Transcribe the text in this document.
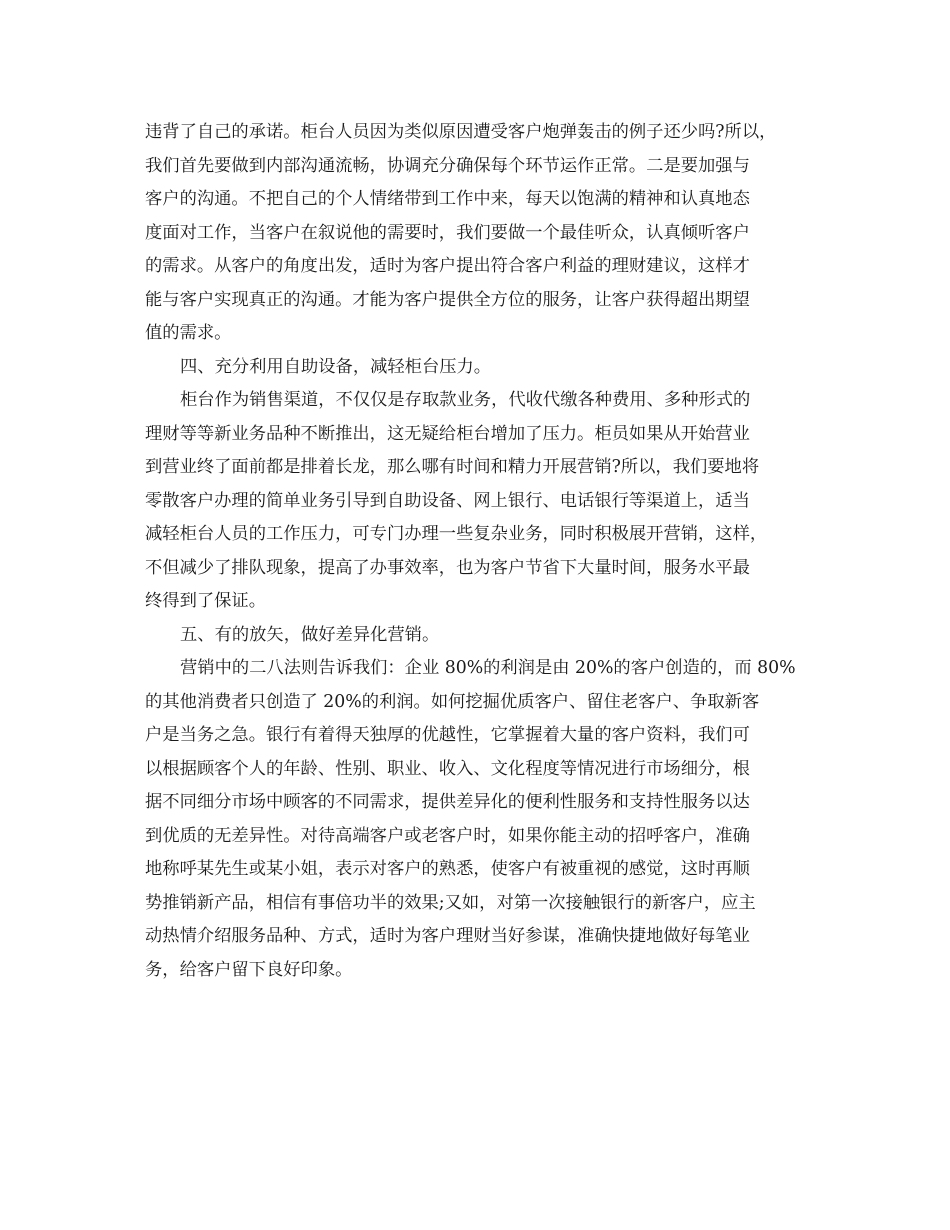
违背了自己的承诺。柜台人员因为类似原因遭受客户炮弹轰击的例子还少吗?所以，
我们首先要做到内部沟通流畅，协调充分确保每个环节运作正常。二是要加强与
客户的沟通。不把自己的个人情绪带到工作中来，每天以饱满的精神和认真地态
度面对工作，当客户在叙说他的需要时，我们要做一个最佳听众，认真倾听客户
的需求。从客户的角度出发，适时为客户提出符合客户利益的理财建议，这样才
能与客户实现真正的沟通。才能为客户提供全方位的服务，让客户获得超出期望
值的需求。
四、充分利用自助设备，减轻柜台压力。
柜台作为销售渠道，不仅仅是存取款业务，代收代缴各种费用、多种形式的
理财等等新业务品种不断推出，这无疑给柜台增加了压力。柜员如果从开始营业
到营业终了面前都是排着长龙，那么哪有时间和精力开展营销?所以，我们要地将
零散客户办理的简单业务引导到自助设备、网上银行、电话银行等渠道上，适当
减轻柜台人员的工作压力，可专门办理一些复杂业务，同时积极展开营销，这样，
不但减少了排队现象，提高了办事效率，也为客户节省下大量时间，服务水平最
终得到了保证。
五、有的放矢，做好差异化营销。
营销中的二八法则告诉我们：企业 80%的利润是由 20%的客户创造的，而 80%
的其他消费者只创造了 20%的利润。如何挖掘优质客户、留住老客户、争取新客
户是当务之急。银行有着得天独厚的优越性，它掌握着大量的客户资料，我们可
以根据顾客个人的年龄、性别、职业、收入、文化程度等情况进行市场细分，根
据不同细分市场中顾客的不同需求，提供差异化的便利性服务和支持性服务以达
到优质的无差异性。对待高端客户或老客户时，如果你能主动的招呼客户，准确
地称呼某先生或某小姐，表示对客户的熟悉，使客户有被重视的感觉，这时再顺
势推销新产品，相信有事倍功半的效果;又如，对第一次接触银行的新客户，应主
动热情介绍服务品种、方式，适时为客户理财当好参谋，准确快捷地做好每笔业
务，给客户留下良好印象。
